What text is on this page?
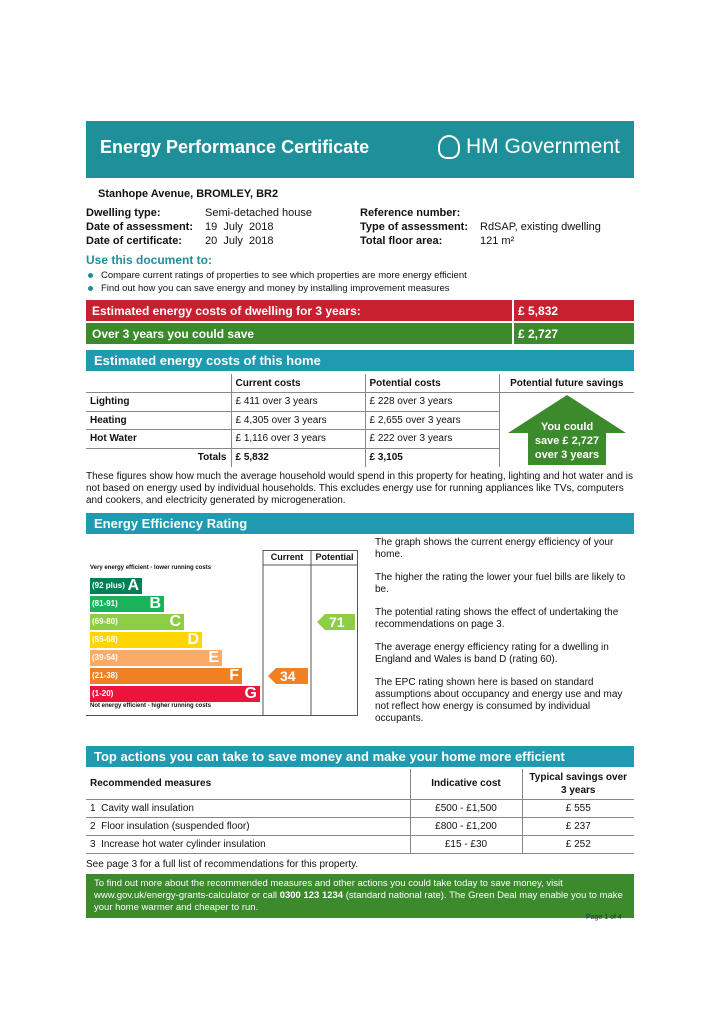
Energy Performance Certificate	HM Government
Stanhope Avenue, BROMLEY, BR2
Dwelling type:	Semi-detached house
Date of assessment: 19  July  2018
Date of certificate: 20  July  2018
Reference number:
Type of assessment: RdSAP, existing dwelling
Total floor area:	121 m²
Use this document to:
Compare current ratings of properties to see which properties are more energy efficient
Find out how you can save energy and money by installing improvement measures
Estimated energy costs of dwelling for 3 years:	£ 5,832
Over 3 years you could save	£ 2,727
Estimated energy costs of this home
	Current costs	Potential costs	Potential future savings
Lighting	£ 411 over 3 years	£ 228 over 3 years	
Heating	£ 4,305 over 3 years	£ 2,655 over 3 years	
Hot Water	£ 1,116 over 3 years	£ 222 over 3 years	
Totals	£ 5,832	£ 3,105	
You could
save £ 2,727
over 3 years
These figures show how much the average household would spend in this property for heating, lighting and hot water and is not based on energy used by individual households. This excludes energy use for running appliances like TVs, computers and cookers, and electricity generated by microgeneration.
Energy Efficiency Rating
Current	Potential
Very energy efficient - lower running costs
Not energy efficient - higher running costs
(92 plus) A
(81-91) B
(69-80)	C
(55-68)	D
(39-54)	E
(21-38)	F
(1-20)	G
34
71

The graph shows the current energy efficiency of your home.

The higher the rating the lower your fuel bills are likely to be.

The potential rating shows the effect of undertaking the recommendations on page 3.

The average energy efficiency rating for a dwelling in England and Wales is band D (rating 60).

The EPC rating shown here is based on standard assumptions about occupancy and energy use and may not reflect how energy is consumed by individual occupants.

Top actions you can take to save money and make your home more efficient
Recommended measures	Indicative cost	Typical savings over 3 years
1 Cavity wall insulation	£500 - £1,500	£ 555
2 Floor insulation (suspended floor)	£800 - £1,200	£ 237
3 Increase hot water cylinder insulation	£15 - £30	£ 252
See page 3 for a full list of recommendations for this property.
To find out more about the recommended measures and other actions you could take today to save money, visit www.gov.uk/energy-grants-calculator or call 0300 123 1234 (standard national rate). The Green Deal may enable you to make your home warmer and cheaper to run.
Page 1 of 4
